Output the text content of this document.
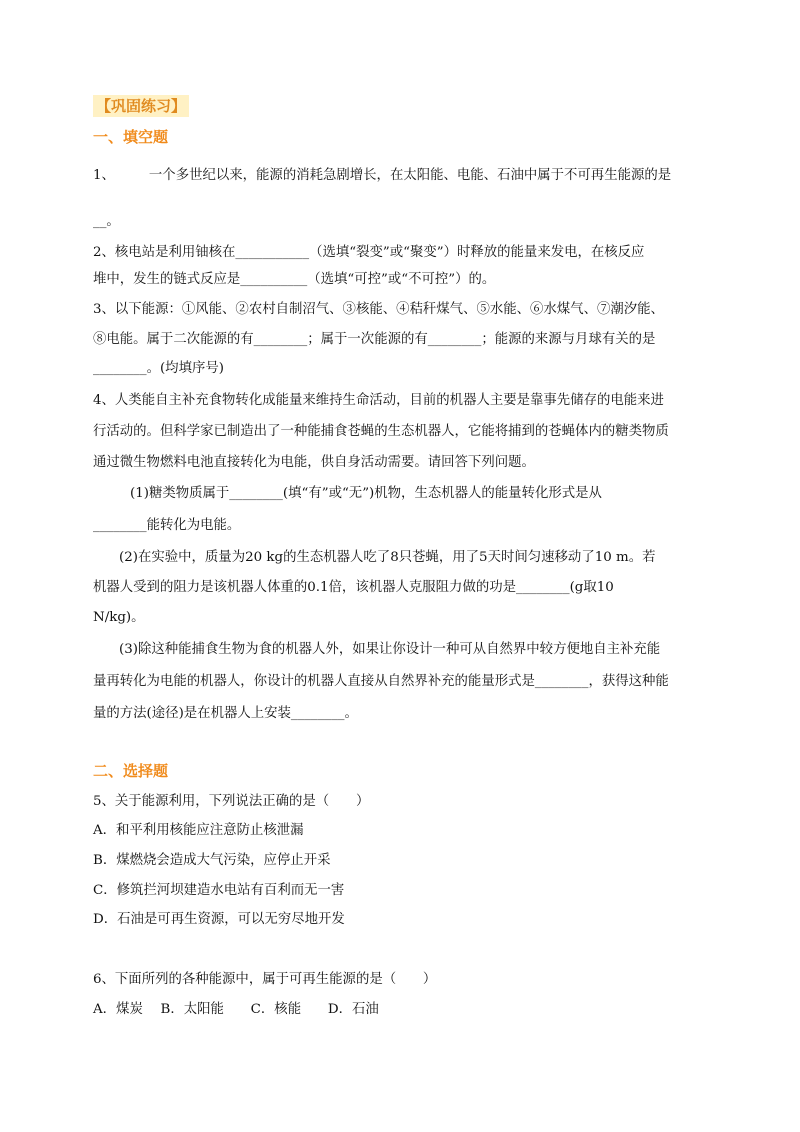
【巩固练习】
一、填空题
1、	一个多世纪以来，能源的消耗急剧增长，在太阳能、电能、石油中属于不可再生能源的是
__。
2、核电站是利用铀核在___________（选填“裂变”或“聚变”）时释放的能量来发电，在核反应
堆中，发生的链式反应是__________（选填“可控”或“不可控”）的。
3、以下能源：①风能、②农村自制沼气、③核能、④秸秆煤气、⑤水能、⑥水煤气、⑦潮汐能、
⑧电能。属于二次能源的有________；属于一次能源的有________；能源的来源与月球有关的是
________。(均填序号)
4、人类能自主补充食物转化成能量来维持生命活动，目前的机器人主要是靠事先储存的电能来进
行活动的。但科学家已制造出了一种能捕食苍蝇的生态机器人，它能将捕到的苍蝇体内的糖类物质
通过微生物燃料电池直接转化为电能，供自身活动需要。请回答下列问题。
(1)糖类物质属于________(填“有”或“无”)机物，生态机器人的能量转化形式是从
________能转化为电能。
(2)在实验中，质量为20 kg的生态机器人吃了8只苍蝇，用了5天时间匀速移动了10 m。若
机器人受到的阻力是该机器人体重的0.1倍，该机器人克服阻力做的功是________(g取10
N/kg)。
(3)除这种能捕食生物为食的机器人外，如果让你设计一种可从自然界中较方便地自主补充能
量再转化为电能的机器人，你设计的机器人直接从自然界补充的能量形式是________，获得这种能
量的方法(途径)是在机器人上安装________。
二、选择题
5、关于能源利用，下列说法正确的是（　　）
A．和平利用核能应注意防止核泄漏
B．煤燃烧会造成大气污染，应停止开采
C．修筑拦河坝建造水电站有百利而无一害
D．石油是可再生资源，可以无穷尽地开发
6、下面所列的各种能源中，属于可再生能源的是（　　）
A．煤炭　 B．太阳能　　C．核能　　D．石油
